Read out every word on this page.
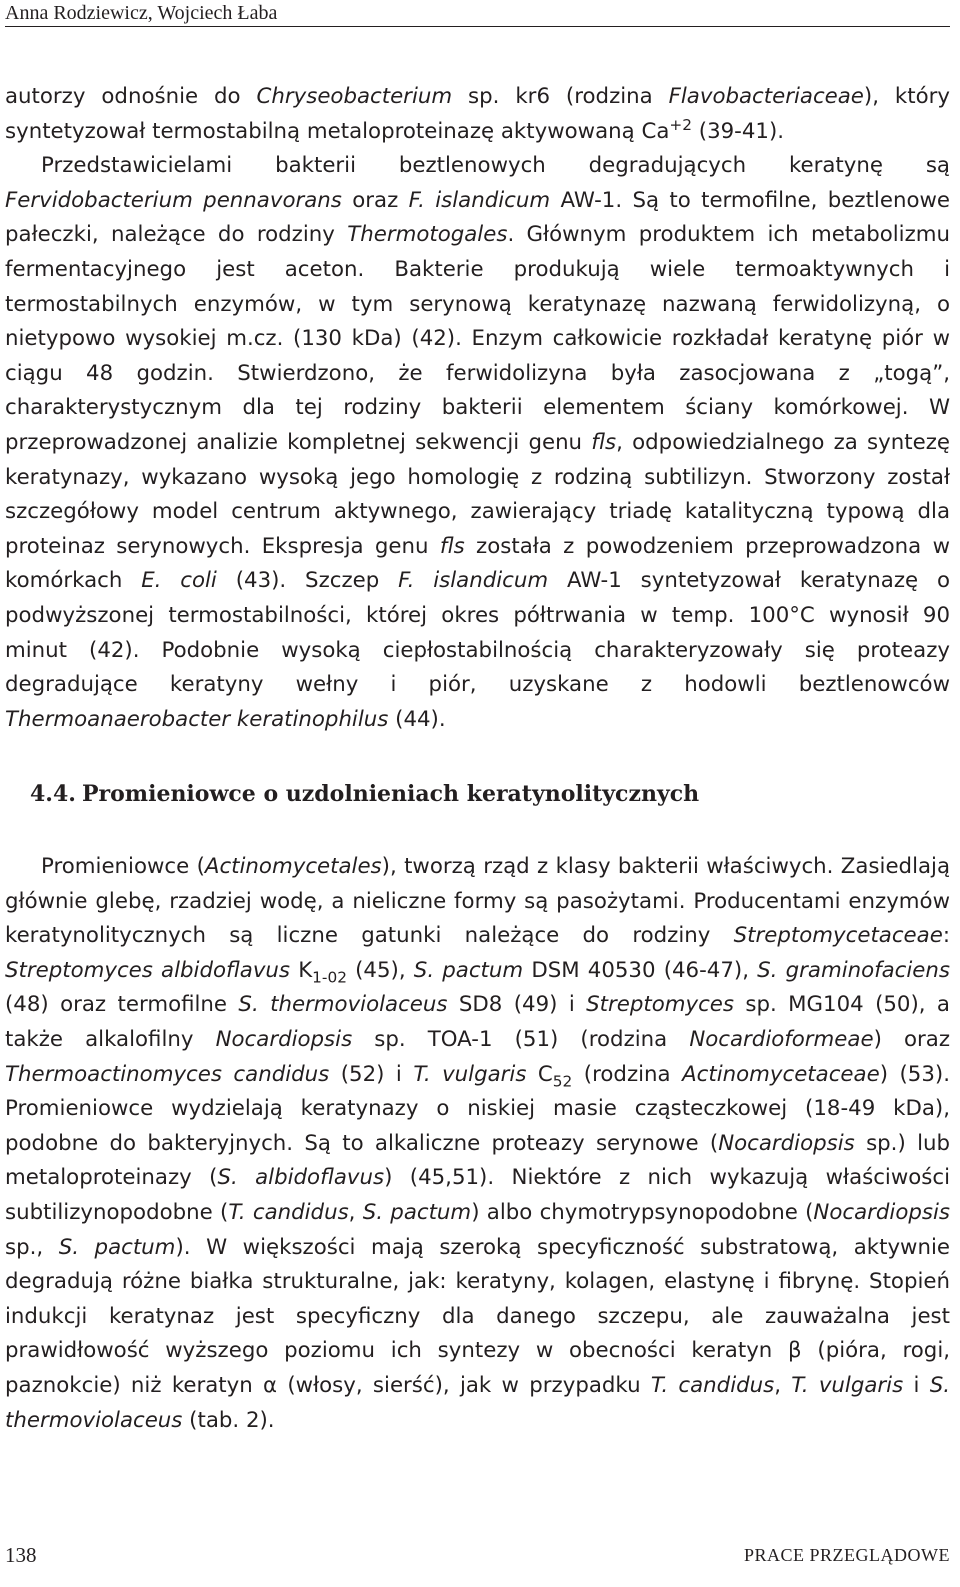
Anna Rodziewicz, Wojciech Łaba
autorzy odnośnie do Chryseobacterium sp. kr6 (rodzina Flavobacteriaceae), który syntetyzował termostabilną metaloproteinazę aktywowaną $Ca^{+2}$ (39-41).
Przedstawicielami bakterii beztlenowych degradujących keratynę są Fervidobacterium pennavorans oraz F. islandicum AW-1. Są to termofilne, beztlenowe pałeczki, należące do rodziny Thermotogales. Głównym produktem ich metabolizmu fermentacyjnego jest aceton. Bakterie produkują wiele termoaktywnych i termostabilnych enzymów, w tym serynową keratynazę nazwaną ferwidolizyną, o nietypowo wysokiej m.cz. (130 kDa) (42). Enzym całkowicie rozkładał keratynę piór w ciągu 48 godzin. Stwierdzono, że ferwidolizyna była zasocjowana z „togą”, charakterystycznym dla tej rodziny bakterii elementem ściany komórkowej. W przeprowadzonej analizie kompletnej sekwencji genu fls, odpowiedzialnego za syntezę keratynazy, wykazano wysoką jego homologię z rodziną subtilizyn. Stworzony został szczegółowy model centrum aktywnego, zawierający triadę katalityczną typową dla proteinaz serynowych. Ekspresja genu fls została z powodzeniem przeprowadzona w komórkach E. coli (43). Szczep F. islandicum AW-1 syntetyzował keratynazę o podwyższonej termostabilności, której okres półtrwania w temp. 100°C wynosił 90 minut (42). Podobnie wysoką ciepłostabilnością charakteryzowały się proteazy degradujące keratyny wełny i piór, uzyskane z hodowli beztlenowców Thermoanaerobacter keratinophilus (44).
4.4. Promieniowce o uzdolnieniach keratynolitycznych
Promieniowce (Actinomycetales), tworzą rząd z klasy bakterii właściwych. Zasiedlają głównie glebę, rzadziej wodę, a nieliczne formy są pasożytami. Producentami enzymów keratynolitycznych są liczne gatunki należące do rodziny Streptomycetaceae: Streptomyces albidoflavus $K_{1-02}$ (45), S. pactum DSM 40530 (46-47), S. graminofaciens (48) oraz termofilne S. thermoviolaceus SD8 (49) i Streptomyces sp. MG104 (50), a także alkalofilny Nocardiopsis sp. TOA-1 (51) (rodzina Nocardioformeae) oraz Thermoactinomyces candidus (52) i T. vulgaris $C_{52}$ (rodzina Actinomycetaceae) (53). Promieniowce wydzielają keratynazy o niskiej masie cząsteczkowej (18-49 kDa), podobne do bakteryjnych. Są to alkaliczne proteazy serynowe (Nocardiopsis sp.) lub metaloproteinazy (S. albidoflavus) (45,51). Niektóre z nich wykazują właściwości subtilizynopodobne (T. candidus, S. pactum) albo chymotrypsynopodobne (Nocardiopsis sp., S. pactum). W większości mają szeroką specyficzność substratową, aktywnie degradują różne białka strukturalne, jak: keratyny, kolagen, elastynę i fibrynę. Stopień indukcji keratynaz jest specyficzny dla danego szczepu, ale zauważalna jest prawidłowość wyższego poziomu ich syntezy w obecności keratyn β (pióra, rogi, paznokcie) niż keratyn α (włosy, sierść), jak w przypadku T. candidus, T. vulgaris i S. thermoviolaceus (tab. 2).
138	PRACE PRZEGLĄDOWE
